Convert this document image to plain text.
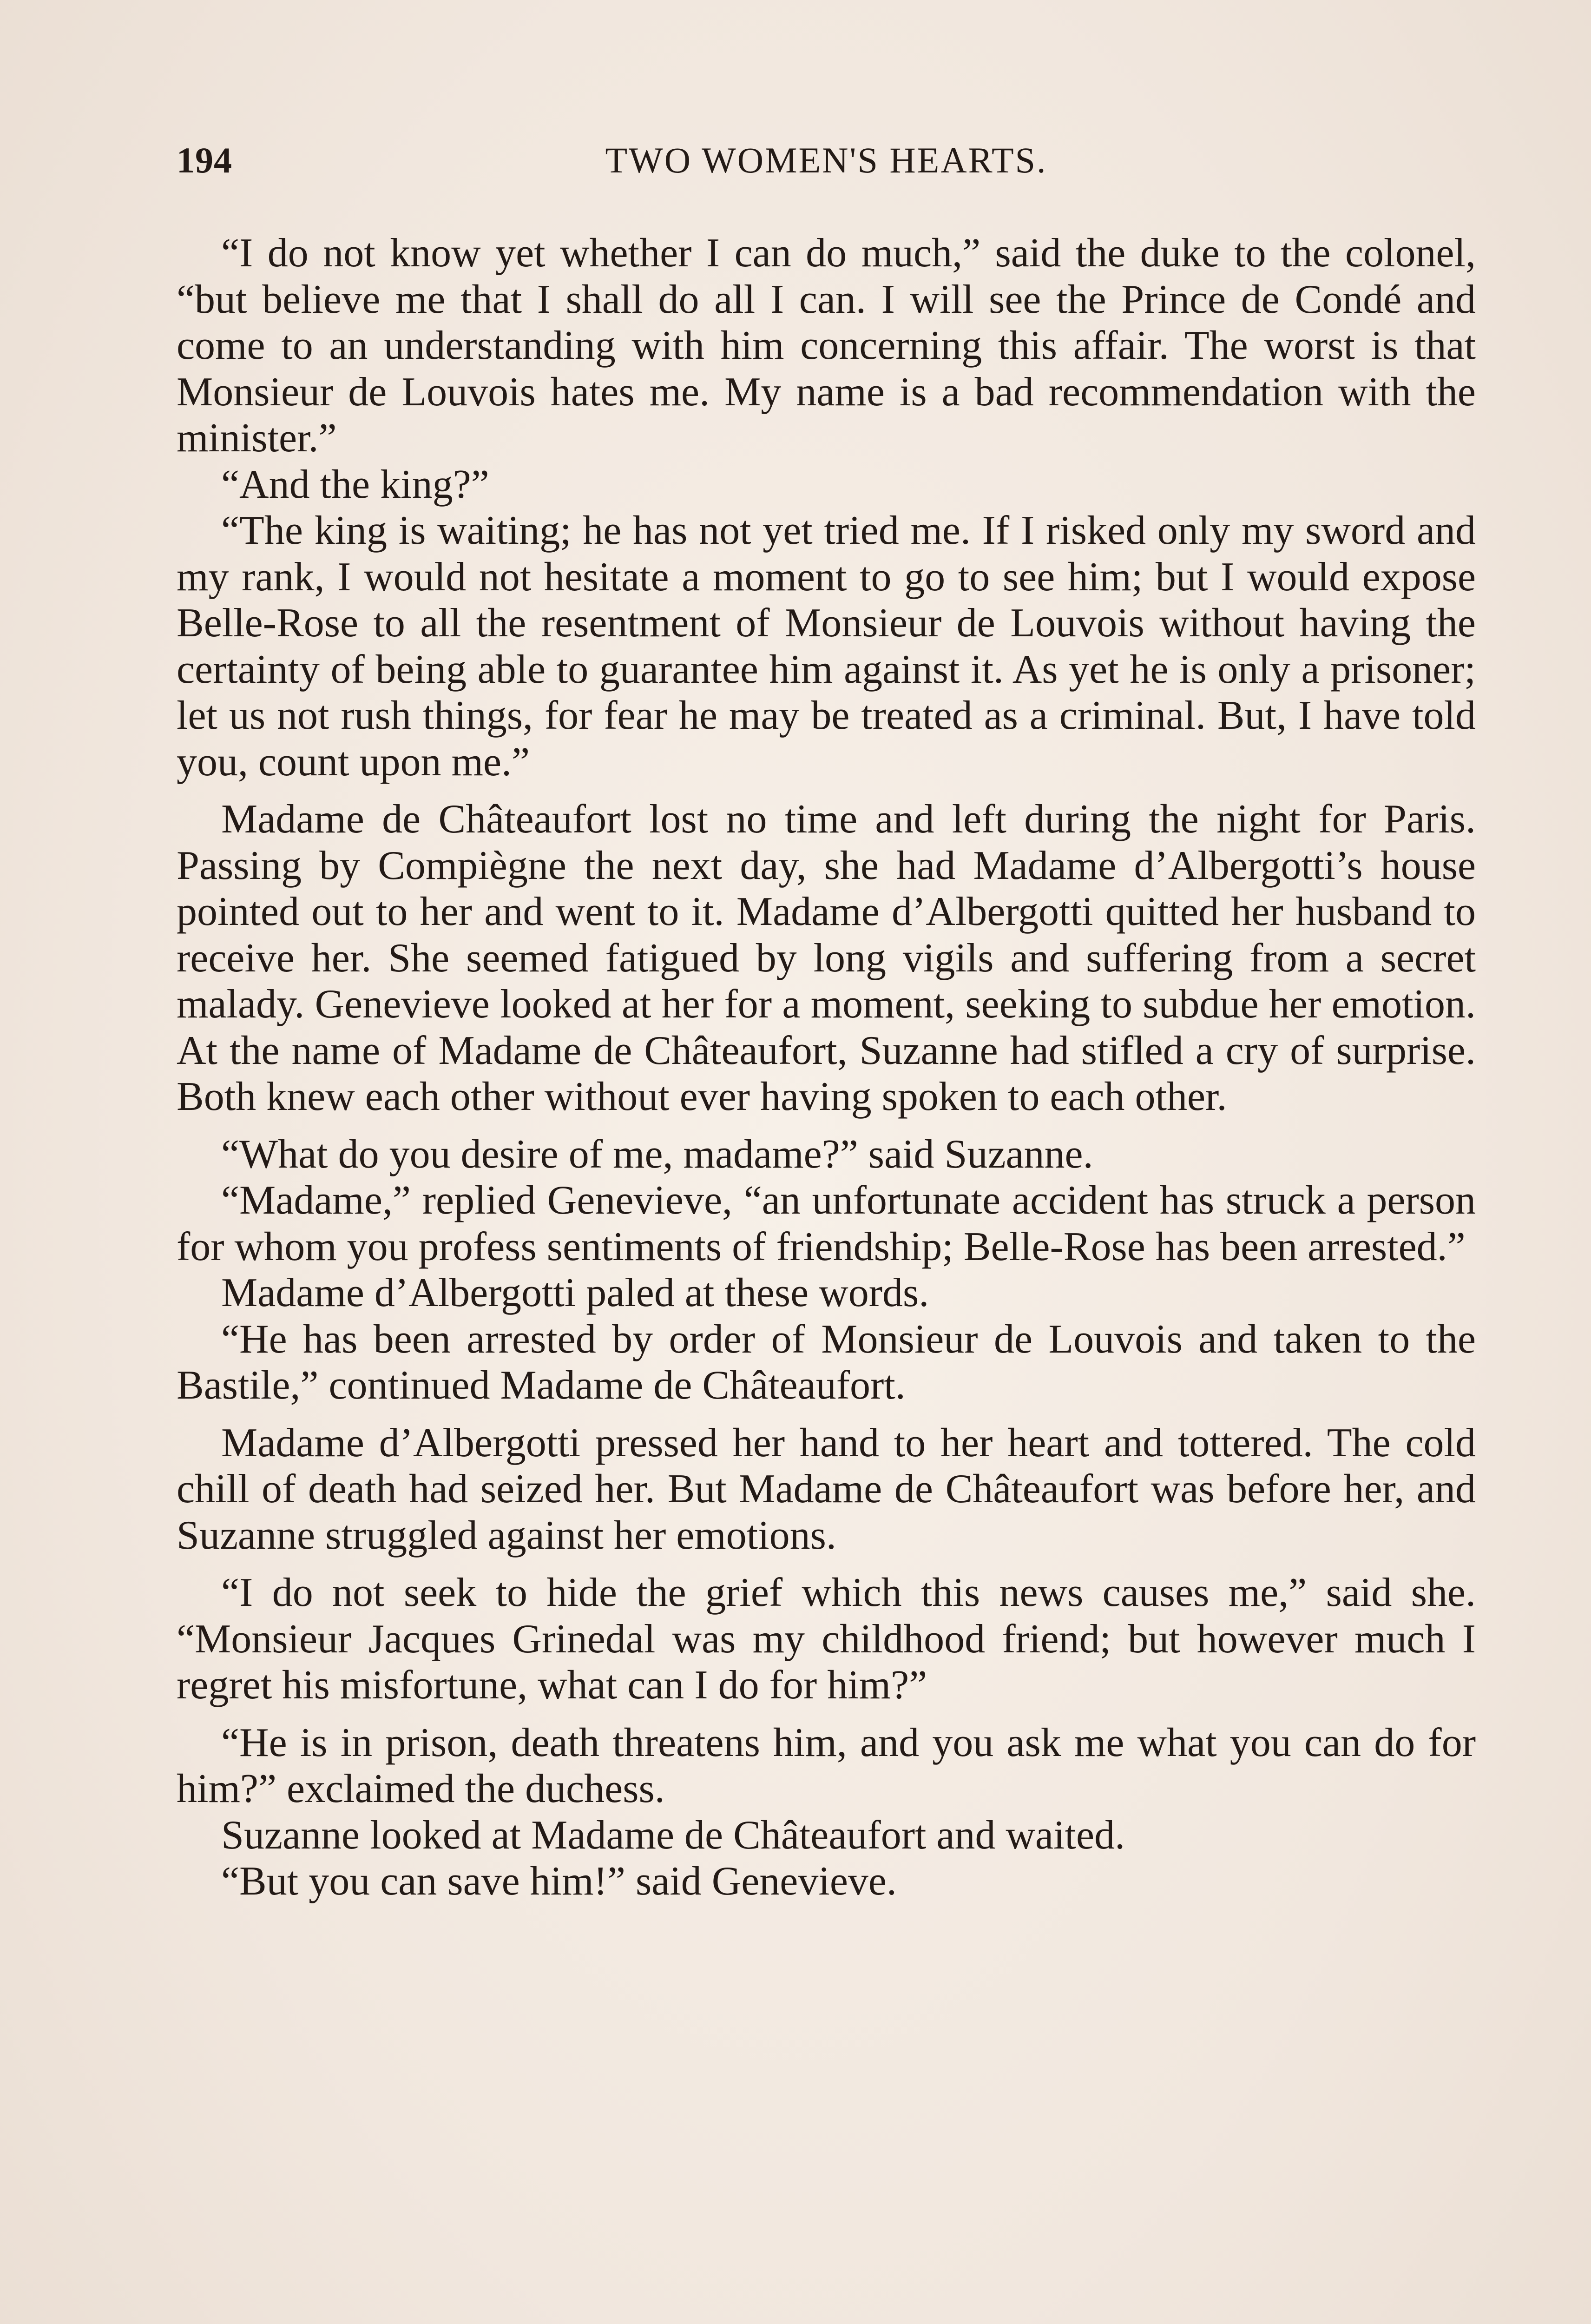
194	TWO WOMEN'S HEARTS.

“I do not know yet whether I can do much,” said the duke to the colonel, “but believe me that I shall do all I can. I will see the Prince de Condé and come to an understanding with him concerning this affair. The worst is that Monsieur de Louvois hates me. My name is a bad recommendation with the minister.”

“And the king?”

“The king is waiting; he has not yet tried me. If I risked only my sword and my rank, I would not hesitate a moment to go to see him; but I would expose Belle-Rose to all the resentment of Monsieur de Louvois without having the certainty of being able to guarantee him against it. As yet he is only a prisoner; let us not rush things, for fear he may be treated as a criminal. But, I have told you, count upon me.”

Madame de Châteaufort lost no time and left during the night for Paris. Passing by Compiègne the next day, she had Madame d’Albergotti’s house pointed out to her and went to it. Madame d’Albergotti quitted her husband to receive her. She seemed fatigued by long vigils and suffering from a secret malady. Genevieve looked at her for a moment, seeking to subdue her emotion. At the name of Madame de Châteaufort, Suzanne had stifled a cry of surprise. Both knew each other without ever having spoken to each other.

“What do you desire of me, madame?” said Suzanne.

“Madame,” replied Genevieve, “an unfortunate accident has struck a person for whom you profess sentiments of friendship; Belle-Rose has been arrested.”

Madame d’Albergotti paled at these words.

“He has been arrested by order of Monsieur de Louvois and taken to the Bastile,” continued Madame de Châteaufort.

Madame d’Albergotti pressed her hand to her heart and tottered. The cold chill of death had seized her. But Madame de Châteaufort was before her, and Suzanne struggled against her emotions.

“I do not seek to hide the grief which this news causes me,” said she. “Monsieur Jacques Grinedal was my childhood friend; but however much I regret his misfortune, what can I do for him?”

“He is in prison, death threatens him, and you ask me what you can do for him?” exclaimed the duchess.

Suzanne looked at Madame de Châteaufort and waited.

“But you can save him!” said Genevieve.
